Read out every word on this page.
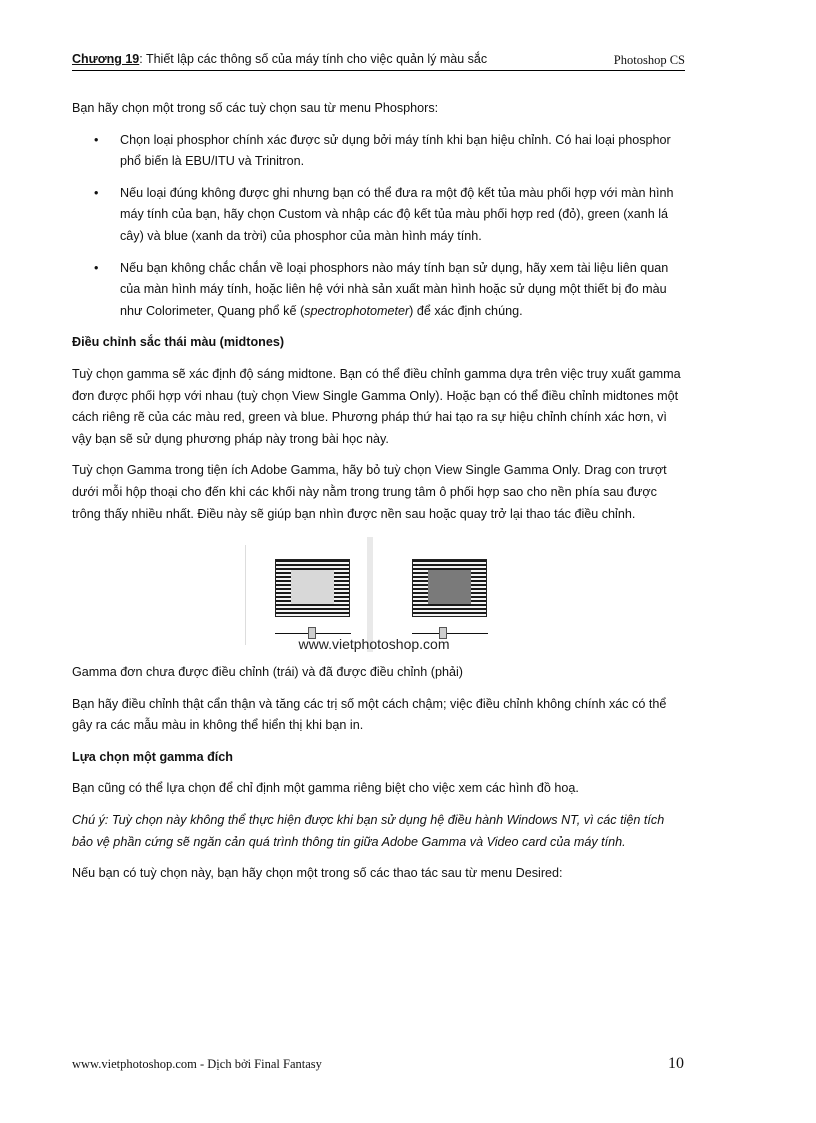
Chương 19: Thiết lập các thông số của máy tính cho việc quản lý màu sắc	Photoshop CS

Bạn hãy chọn một trong số các tuỳ chọn sau từ menu Phosphors:

• Chọn loại phosphor chính xác được sử dụng bởi máy tính khi bạn hiệu chỉnh. Có hai loại phosphor phổ biến là EBU/ITU và Trinitron.
• Nếu loại đúng không được ghi nhưng bạn có thể đưa ra một độ kết tủa màu phối hợp với màn hình máy tính của bạn, hãy chọn Custom và nhập các độ kết tủa màu phối hợp red (đỏ), green (xanh lá cây) và blue (xanh da trời) của phosphor của màn hình máy tính.
• Nếu bạn không chắc chắn về loại phosphors nào máy tính bạn sử dụng, hãy xem tài liệu liên quan của màn hình máy tính, hoặc liên hệ với nhà sản xuất màn hình hoặc sử dụng một thiết bị đo màu như Colorimeter, Quang phổ kế (spectrophotometer) để xác định chúng.

Điều chỉnh sắc thái màu (midtones)

Tuỳ chọn gamma sẽ xác định độ sáng midtone. Bạn có thể điều chỉnh gamma dựa trên việc truy xuất gamma đơn được phối hợp với nhau (tuỳ chọn View Single Gamma Only). Hoặc bạn có thể điều chỉnh midtones một cách riêng rẽ của các màu red, green và blue. Phương pháp thứ hai tạo ra sự hiệu chỉnh chính xác hơn, vì vậy bạn sẽ sử dụng phương pháp này trong bài học này.

Tuỳ chọn Gamma trong tiện ích Adobe Gamma, hãy bỏ tuỳ chọn View Single Gamma Only. Drag con trượt dưới mỗi hộp thoại cho đến khi các khối này nằm trong trung tâm ô phối hợp sao cho nền phía sau được trông thấy nhiều nhất. Điều này sẽ giúp bạn nhìn được nền sau hoặc quay trở lại thao tác điều chỉnh.

www.vietphotoshop.com

Gamma đơn chưa được điều chỉnh (trái) và đã được điều chỉnh (phải)

Bạn hãy điều chỉnh thật cẩn thận và tăng các trị số một cách chậm; việc điều chỉnh không chính xác có thể gây ra các mẫu màu in không thể hiển thị khi bạn in.

Lựa chọn một gamma đích

Bạn cũng có thể lựa chọn để chỉ định một gamma riêng biệt cho việc xem các hình đồ hoạ.

Chú ý: Tuỳ chọn này không thể thực hiện được khi bạn sử dụng hệ điều hành Windows NT, vì các tiện tích bảo vệ phần cứng sẽ ngăn cản quá trình thông tin giữa Adobe Gamma và Video card của máy tính.

Nếu bạn có tuỳ chọn này, bạn hãy chọn một trong số các thao tác sau từ menu Desired:

www.vietphotoshop.com - Dịch bởi Final Fantasy	10
